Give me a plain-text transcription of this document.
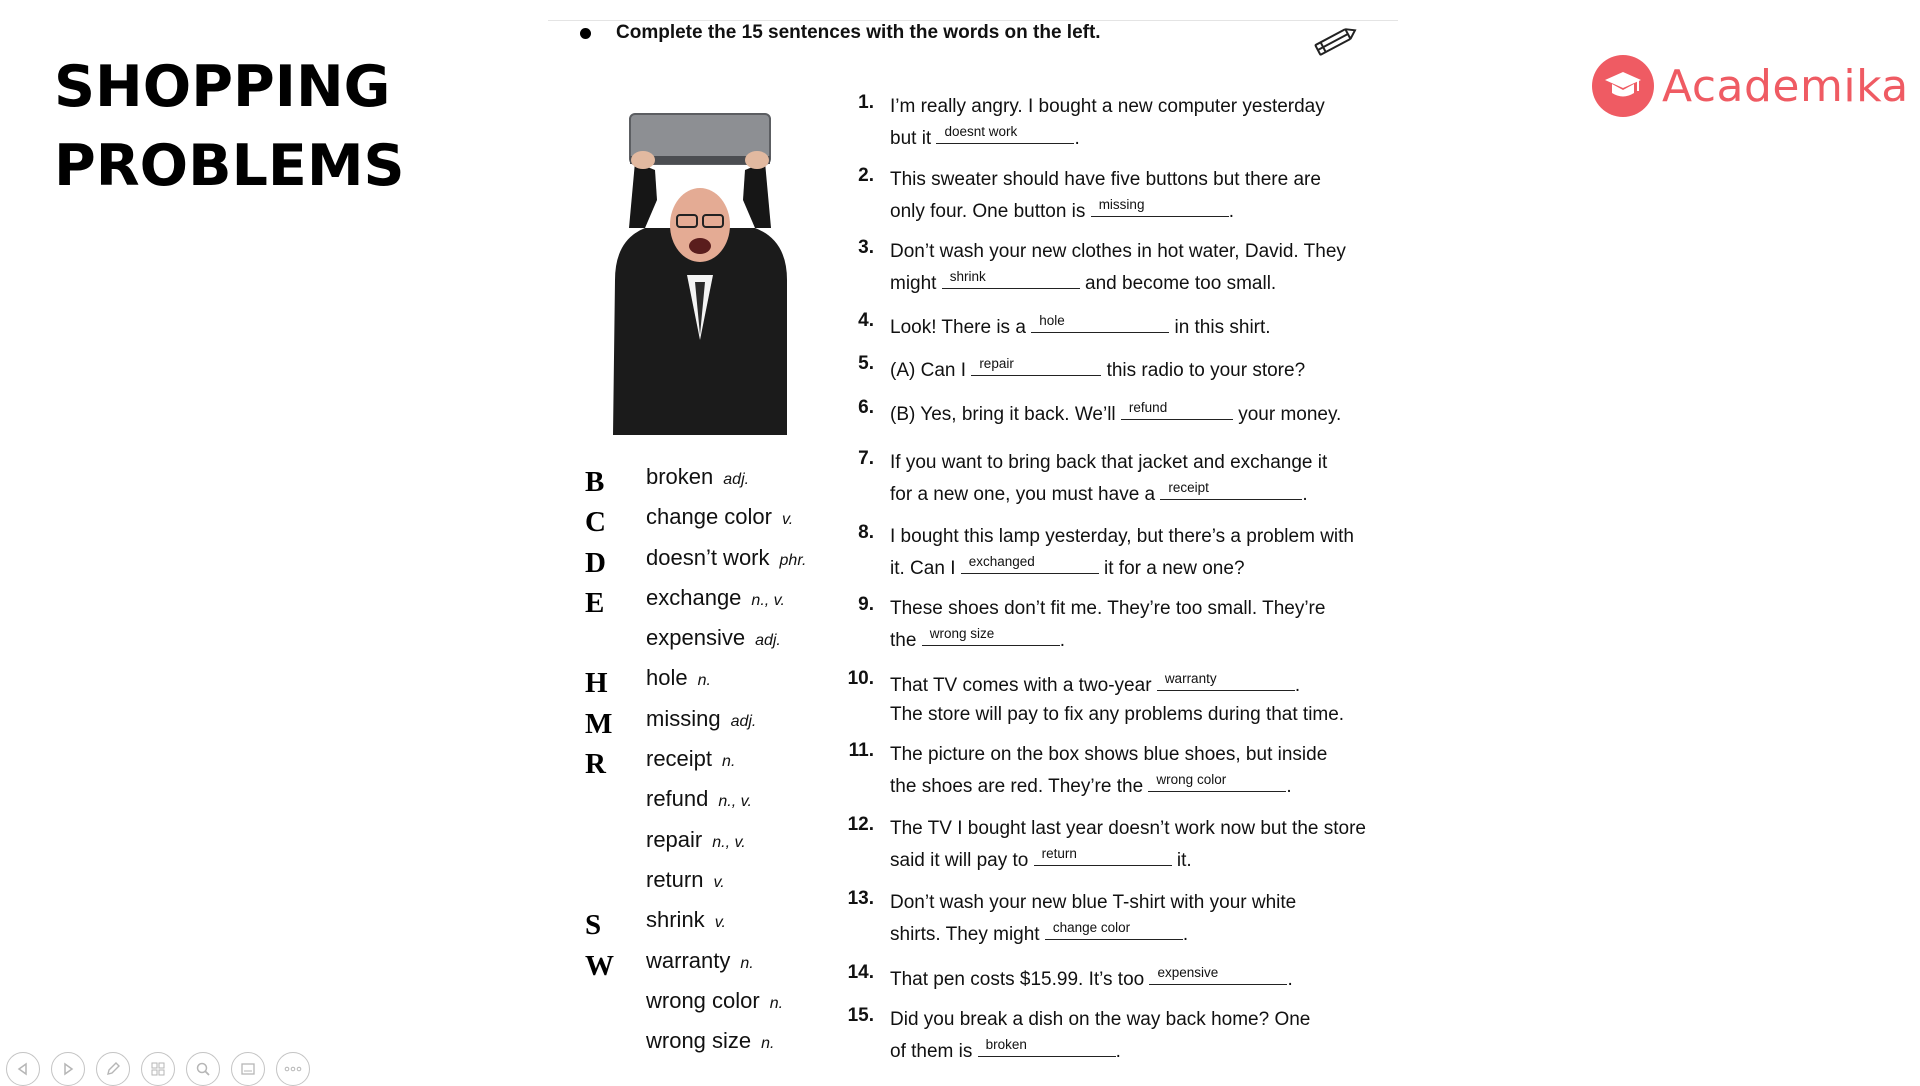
SHOPPING
PROBLEMS
Academika
Complete the 15 sentences with the words on the left.
B	broken adj.
C	change color v.
D	doesn’t work phr.
E	exchange n., v.
expensive adj.
H	hole n.
M	missing adj.
R	receipt n.
refund n., v.
repair n., v.
return v.
S	shrink v.
W	warranty n.
wrong color n.
wrong size n.
1. I’m really angry. I bought a new computer yesterday
but it doesnt work	.
2. This sweater should have five buttons but there are
only four. One button is missing	.
3. Don’t wash your new clothes in hot water, David. They
might shrink	and become too small.
4. Look! There is a hole	in this shirt.
5. (A) Can I repair	this radio to your store?
6. (B) Yes, bring it back. We’ll refund	your money.
7. If you want to bring back that jacket and exchange it
for a new one, you must have a receipt	.
8. I bought this lamp yesterday, but there’s a problem with
it. Can I exchanged	it for a new one?
9. These shoes don’t fit me. They’re too small. They’re
the wrong size	.
10. That TV comes with a two-year warranty	.
The store will pay to fix any problems during that time.
11. The picture on the box shows blue shoes, but inside
the shoes are red. They’re the wrong color	.
12. The TV I bought last year doesn’t work now but the store
said it will pay to return	it.
13. Don’t wash your new blue T-shirt with your white
shirts. They might change color	.
14. That pen costs $15.99. It’s too expensive	.
15. Did you break a dish on the way back home? One
of them is broken	.
